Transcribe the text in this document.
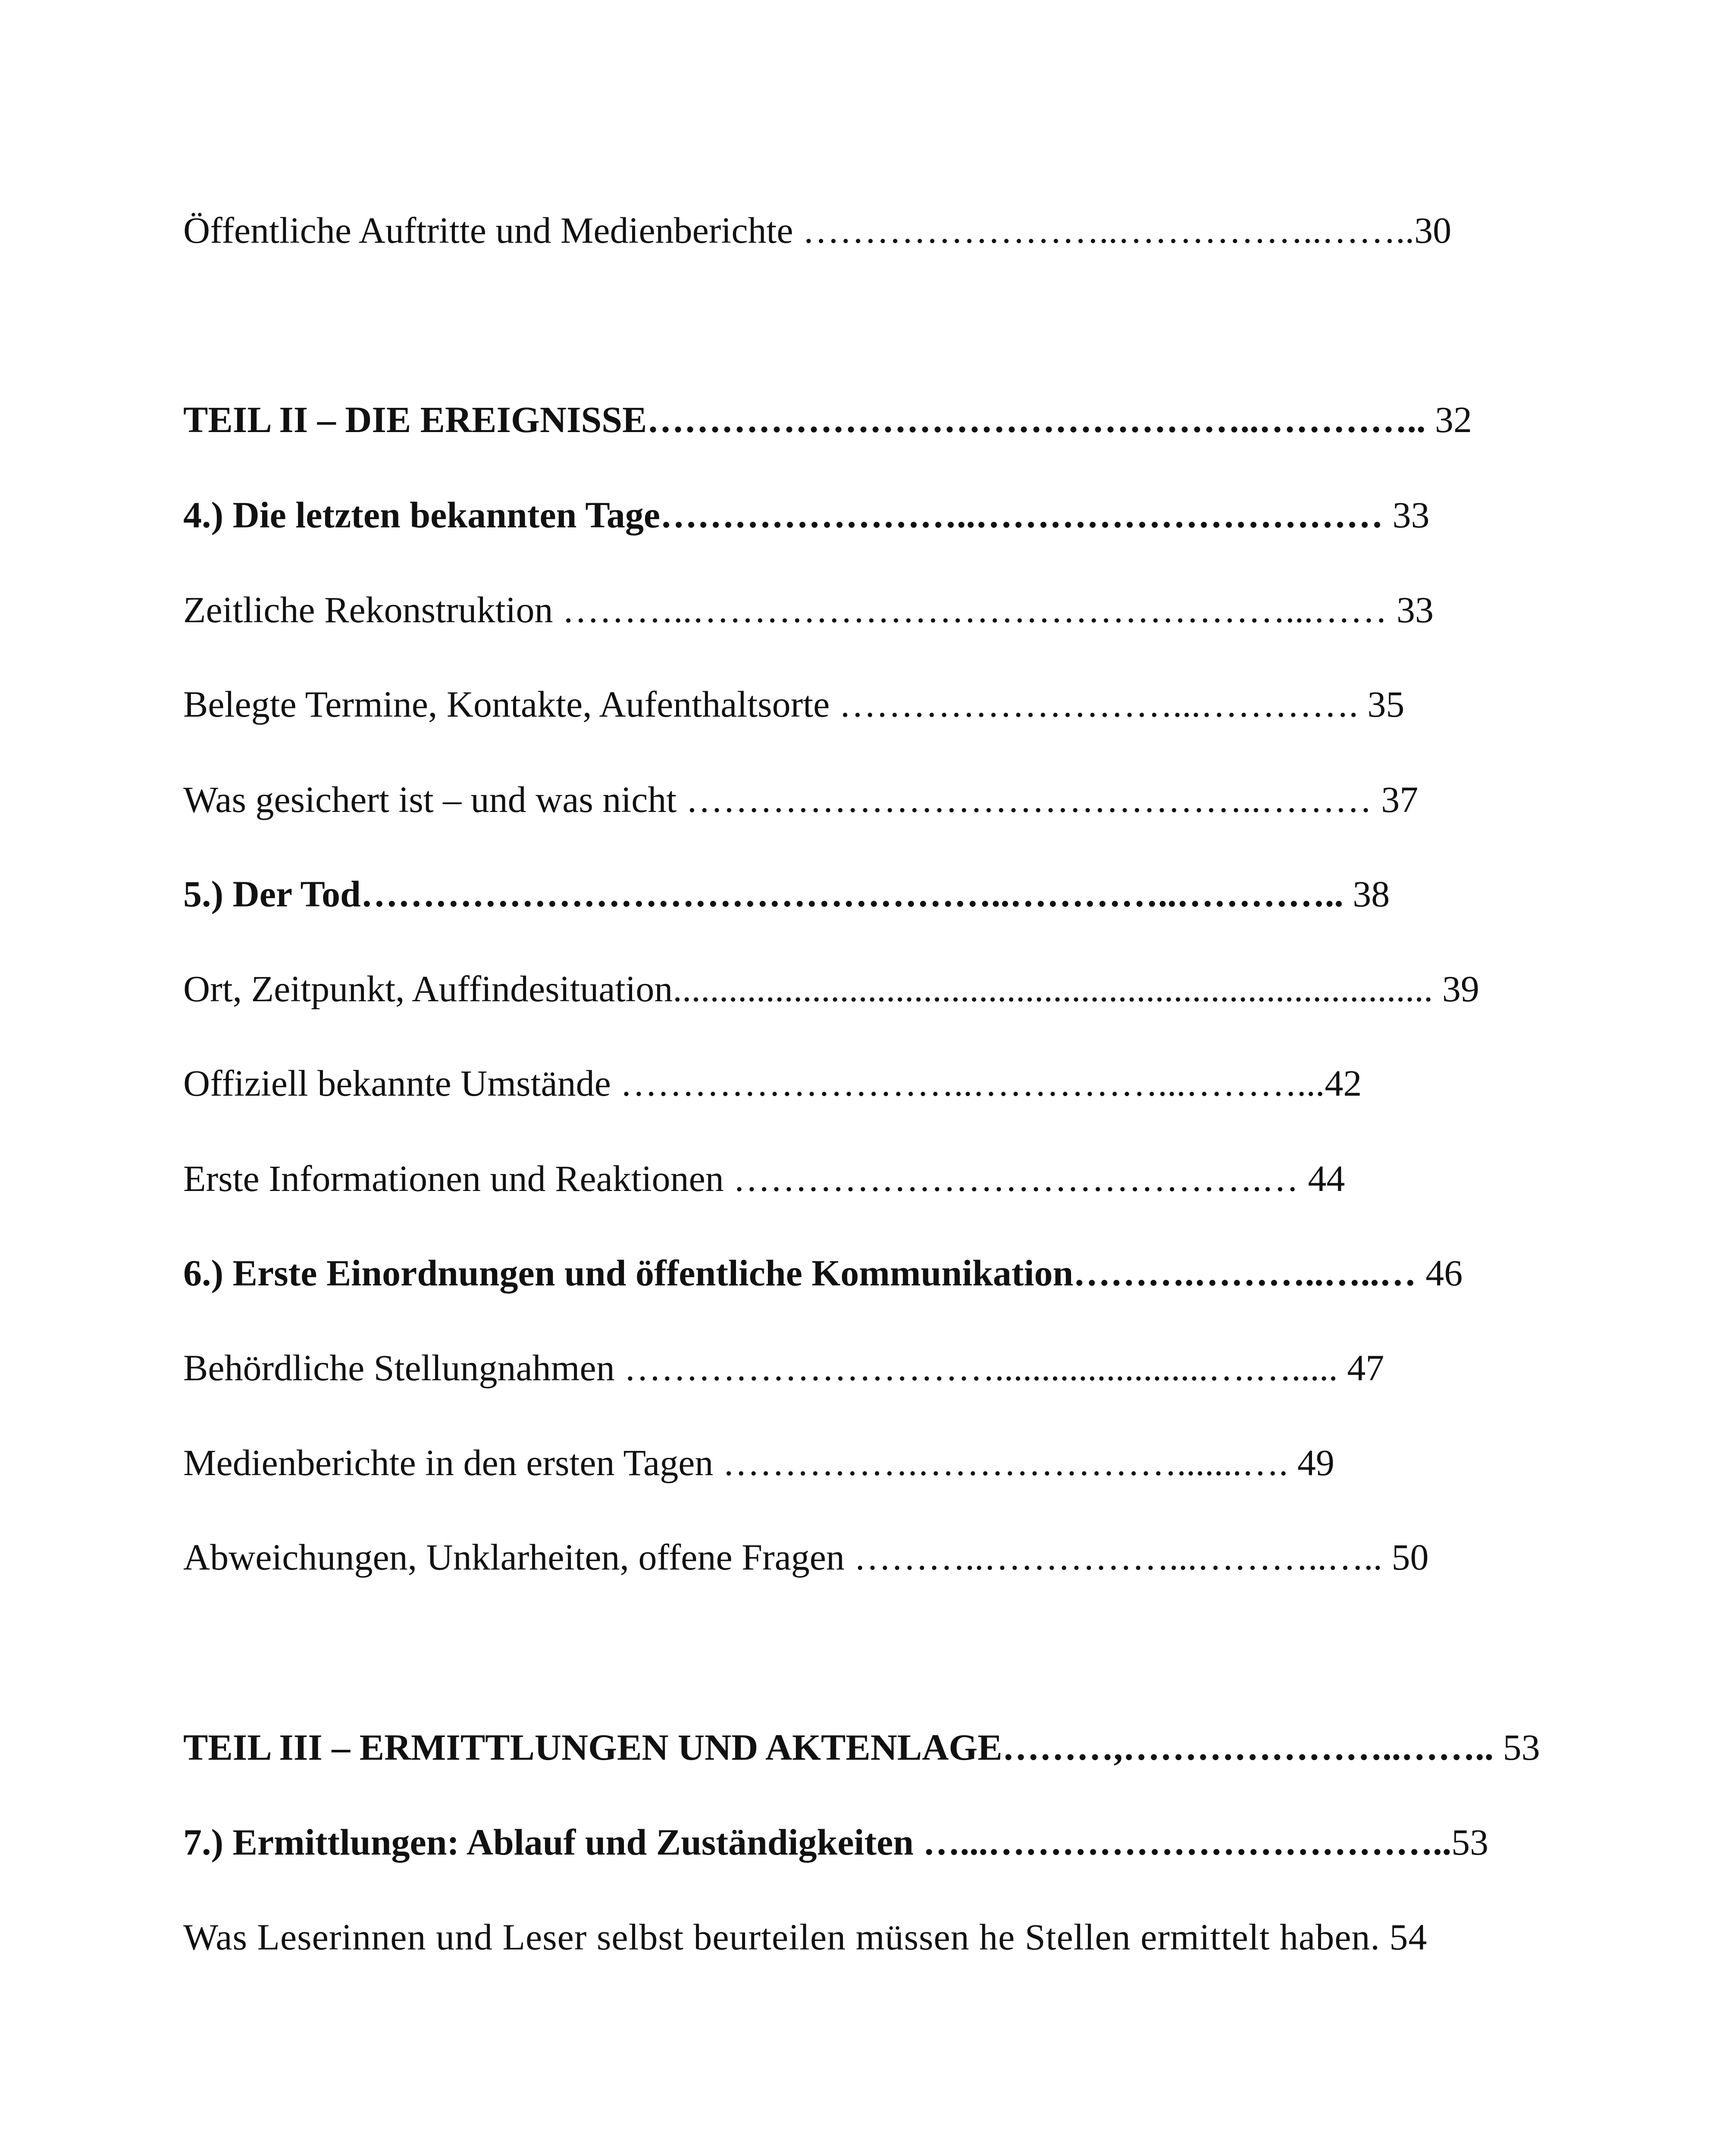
Öffentliche Auftritte und Medienberichte ……………………..……………..……..30
TEIL II – DIE EREIGNISSE…………………………………………..………….. 32
4.) Die letzten bekannten Tage……………………..…………………………… 33
Zeitliche Rekonstruktion ………..…………………………………………...…… 33
Belegte Termine, Kontakte, Aufenthaltsorte ………………………...…………. 35
Was gesichert ist – und was nicht ………………………………………..……… 37
5.) Der Tod……………………………………………..…………..………….. 38
Ort, Zeitpunkt, Auffindesituation.................................................................................. 39
Offiziell bekannte Umstände ………………………..……………...………...42
Erste Informationen und Reaktionen …………………………………….… 44
6.) Erste Einordnungen und öffentliche Kommunikation……….………..…..… 46
Behördliche Stellungnahmen ………………………….......................….…..... 47
Medienberichte in den ersten Tagen …………….………………….......…. 49
Abweichungen, Unklarheiten, offene Fragen ………..……………...………..….. 50
TEIL III – ERMITTLUNGEN UND AKTENLAGE………,…………………..…….. 53
7.) Ermittlungen: Ablauf und Zuständigkeiten …...………………………………..53
Was Leserinnen und Leser selbst beurteilen müssen he Stellen ermittelt haben. 54
